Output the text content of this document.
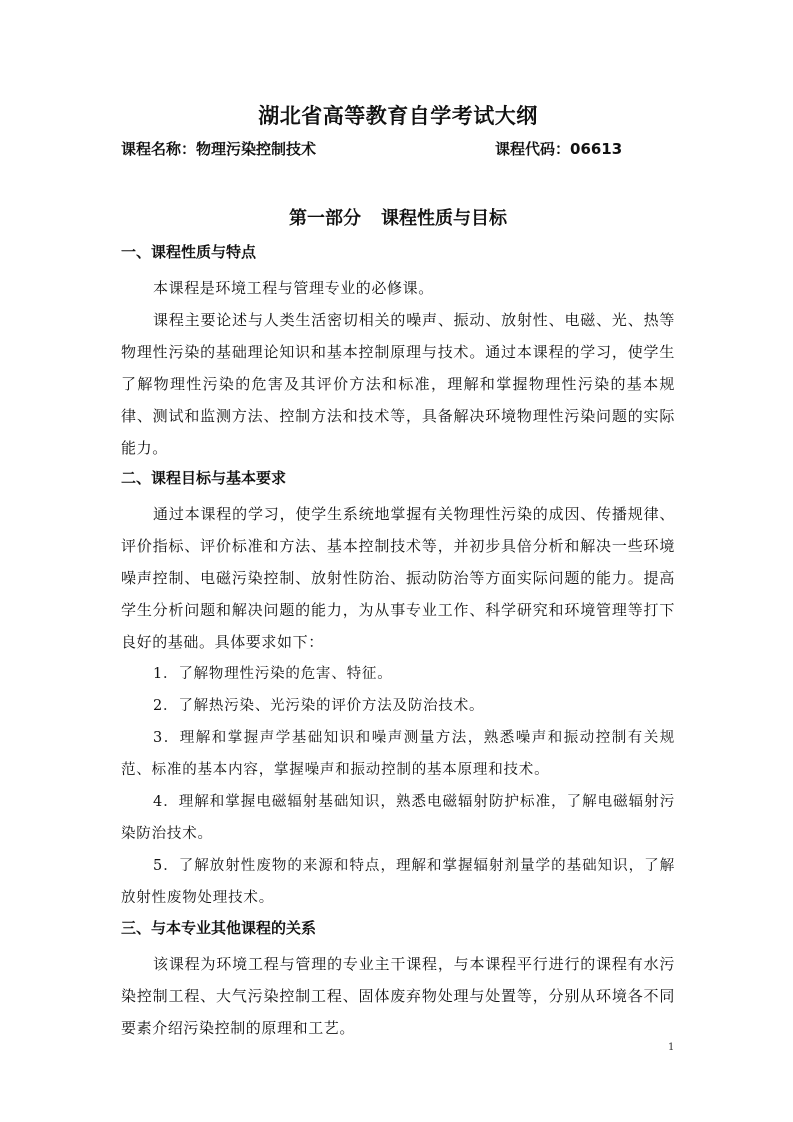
湖北省高等教育自学考试大纲
课程名称：物理污染控制技术	课程代码：06613
第一部分 课程性质与目标
一、课程性质与特点

本课程是环境工程与管理专业的必修课。

课程主要论述与人类生活密切相关的噪声、振动、放射性、电磁、光、热等物理性污染的基础理论知识和基本控制原理与技术。通过本课程的学习，使学生了解物理性污染的危害及其评价方法和标准，理解和掌握物理性污染的基本规律、测试和监测方法、控制方法和技术等，具备解决环境物理性污染问题的实际能力。

二、课程目标与基本要求

通过本课程的学习，使学生系统地掌握有关物理性污染的成因、传播规律、评价指标、评价标准和方法、基本控制技术等，并初步具倍分析和解决一些环境噪声控制、电磁污染控制、放射性防治、振动防治等方面实际问题的能力。提高学生分析问题和解决问题的能力，为从事专业工作、科学研究和环境管理等打下良好的基础。具体要求如下：

1．了解物理性污染的危害、特征。

2．了解热污染、光污染的评价方法及防治技术。

3．理解和掌握声学基础知识和噪声测量方法，熟悉噪声和振动控制有关规范、标准的基本内容，掌握噪声和振动控制的基本原理和技术。

4．理解和掌握电磁辐射基础知识，熟悉电磁辐射防护标准，了解电磁辐射污染防治技术。

5．了解放射性废物的来源和特点，理解和掌握辐射剂量学的基础知识，了解放射性废物处理技术。

三、与本专业其他课程的关系

该课程为环境工程与管理的专业主干课程，与本课程平行进行的课程有水污染控制工程、大气污染控制工程、固体废弃物处理与处置等，分别从环境各不同要素介绍污染控制的原理和工艺。

1
